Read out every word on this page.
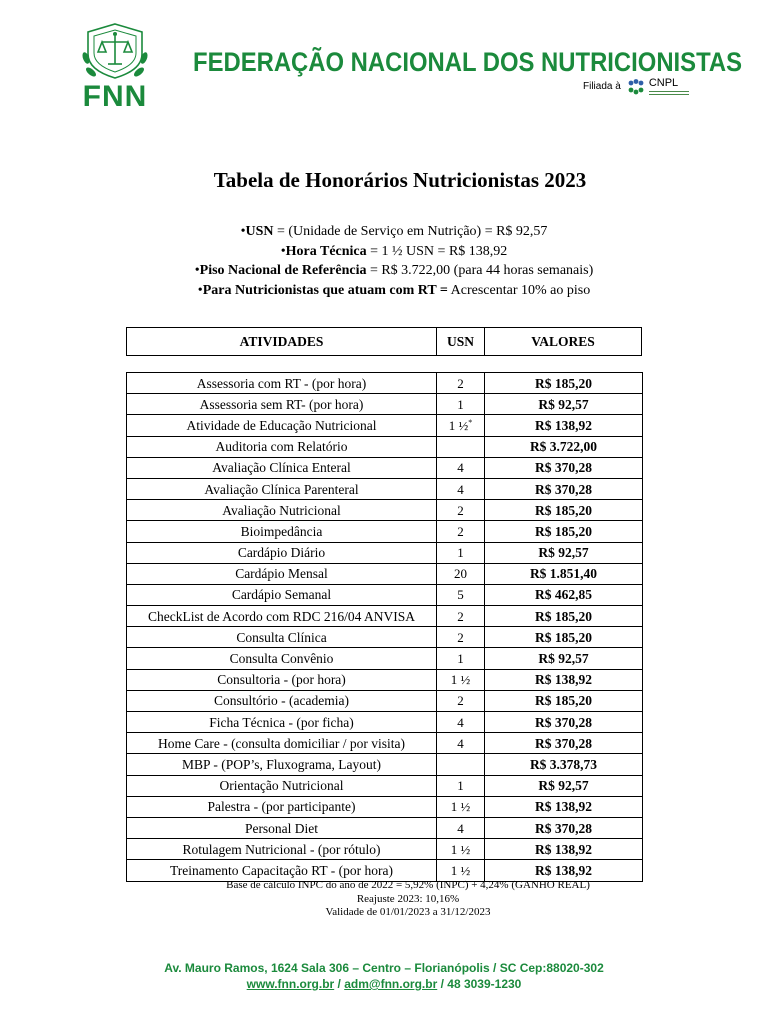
FNN
FEDERAÇÃO NACIONAL DOS NUTRICIONISTAS
Filiada à	CNPL
Tabela de Honorários Nutricionistas 2023
•USN = (Unidade de Serviço em Nutrição) = R$ 92,57
•Hora Técnica = 1 ½ USN = R$ 138,92
•Piso Nacional de Referência = R$ 3.722,00 (para 44 horas semanais)
•Para Nutricionistas que atuam com RT = Acrescentar 10% ao piso
ATIVIDADES	USN	VALORES
Assessoria com RT - (por hora)	2	R$ 185,20
Assessoria sem RT- (por hora)	1	R$ 92,57
Atividade de Educação Nutricional	1 ½*	R$ 138,92
Auditoria com Relatório		R$ 3.722,00
Avaliação Clínica Enteral	4	R$ 370,28
Avaliação Clínica Parenteral	4	R$ 370,28
Avaliação Nutricional	2	R$ 185,20
Bioimpedância	2	R$ 185,20
Cardápio Diário	1	R$ 92,57
Cardápio Mensal	20	R$ 1.851,40
Cardápio Semanal	5	R$ 462,85
CheckList de Acordo com RDC 216/04 ANVISA	2	R$ 185,20
Consulta Clínica	2	R$ 185,20
Consulta Convênio	1	R$ 92,57
Consultoria - (por hora)	1 ½	R$ 138,92
Consultório - (academia)	2	R$ 185,20
Ficha Técnica - (por ficha)	4	R$ 370,28
Home Care - (consulta domiciliar / por visita)	4	R$ 370,28
MBP - (POP’s, Fluxograma, Layout)		R$ 3.378,73
Orientação Nutricional	1	R$ 92,57
Palestra - (por participante)	1 ½	R$ 138,92
Personal Diet	4	R$ 370,28
Rotulagem Nutricional - (por rótulo)	1 ½	R$ 138,92
Treinamento Capacitação RT - (por hora)	1 ½	R$ 138,92
Base de cálculo INPC do ano de 2022 = 5,92% (INPC) + 4,24% (GANHO REAL)
Reajuste 2023: 10,16%
Validade de 01/01/2023 a 31/12/2023
Av. Mauro Ramos, 1624 Sala 306 – Centro – Florianópolis / SC Cep:88020-302
www.fnn.org.br / adm@fnn.org.br / 48 3039-1230
